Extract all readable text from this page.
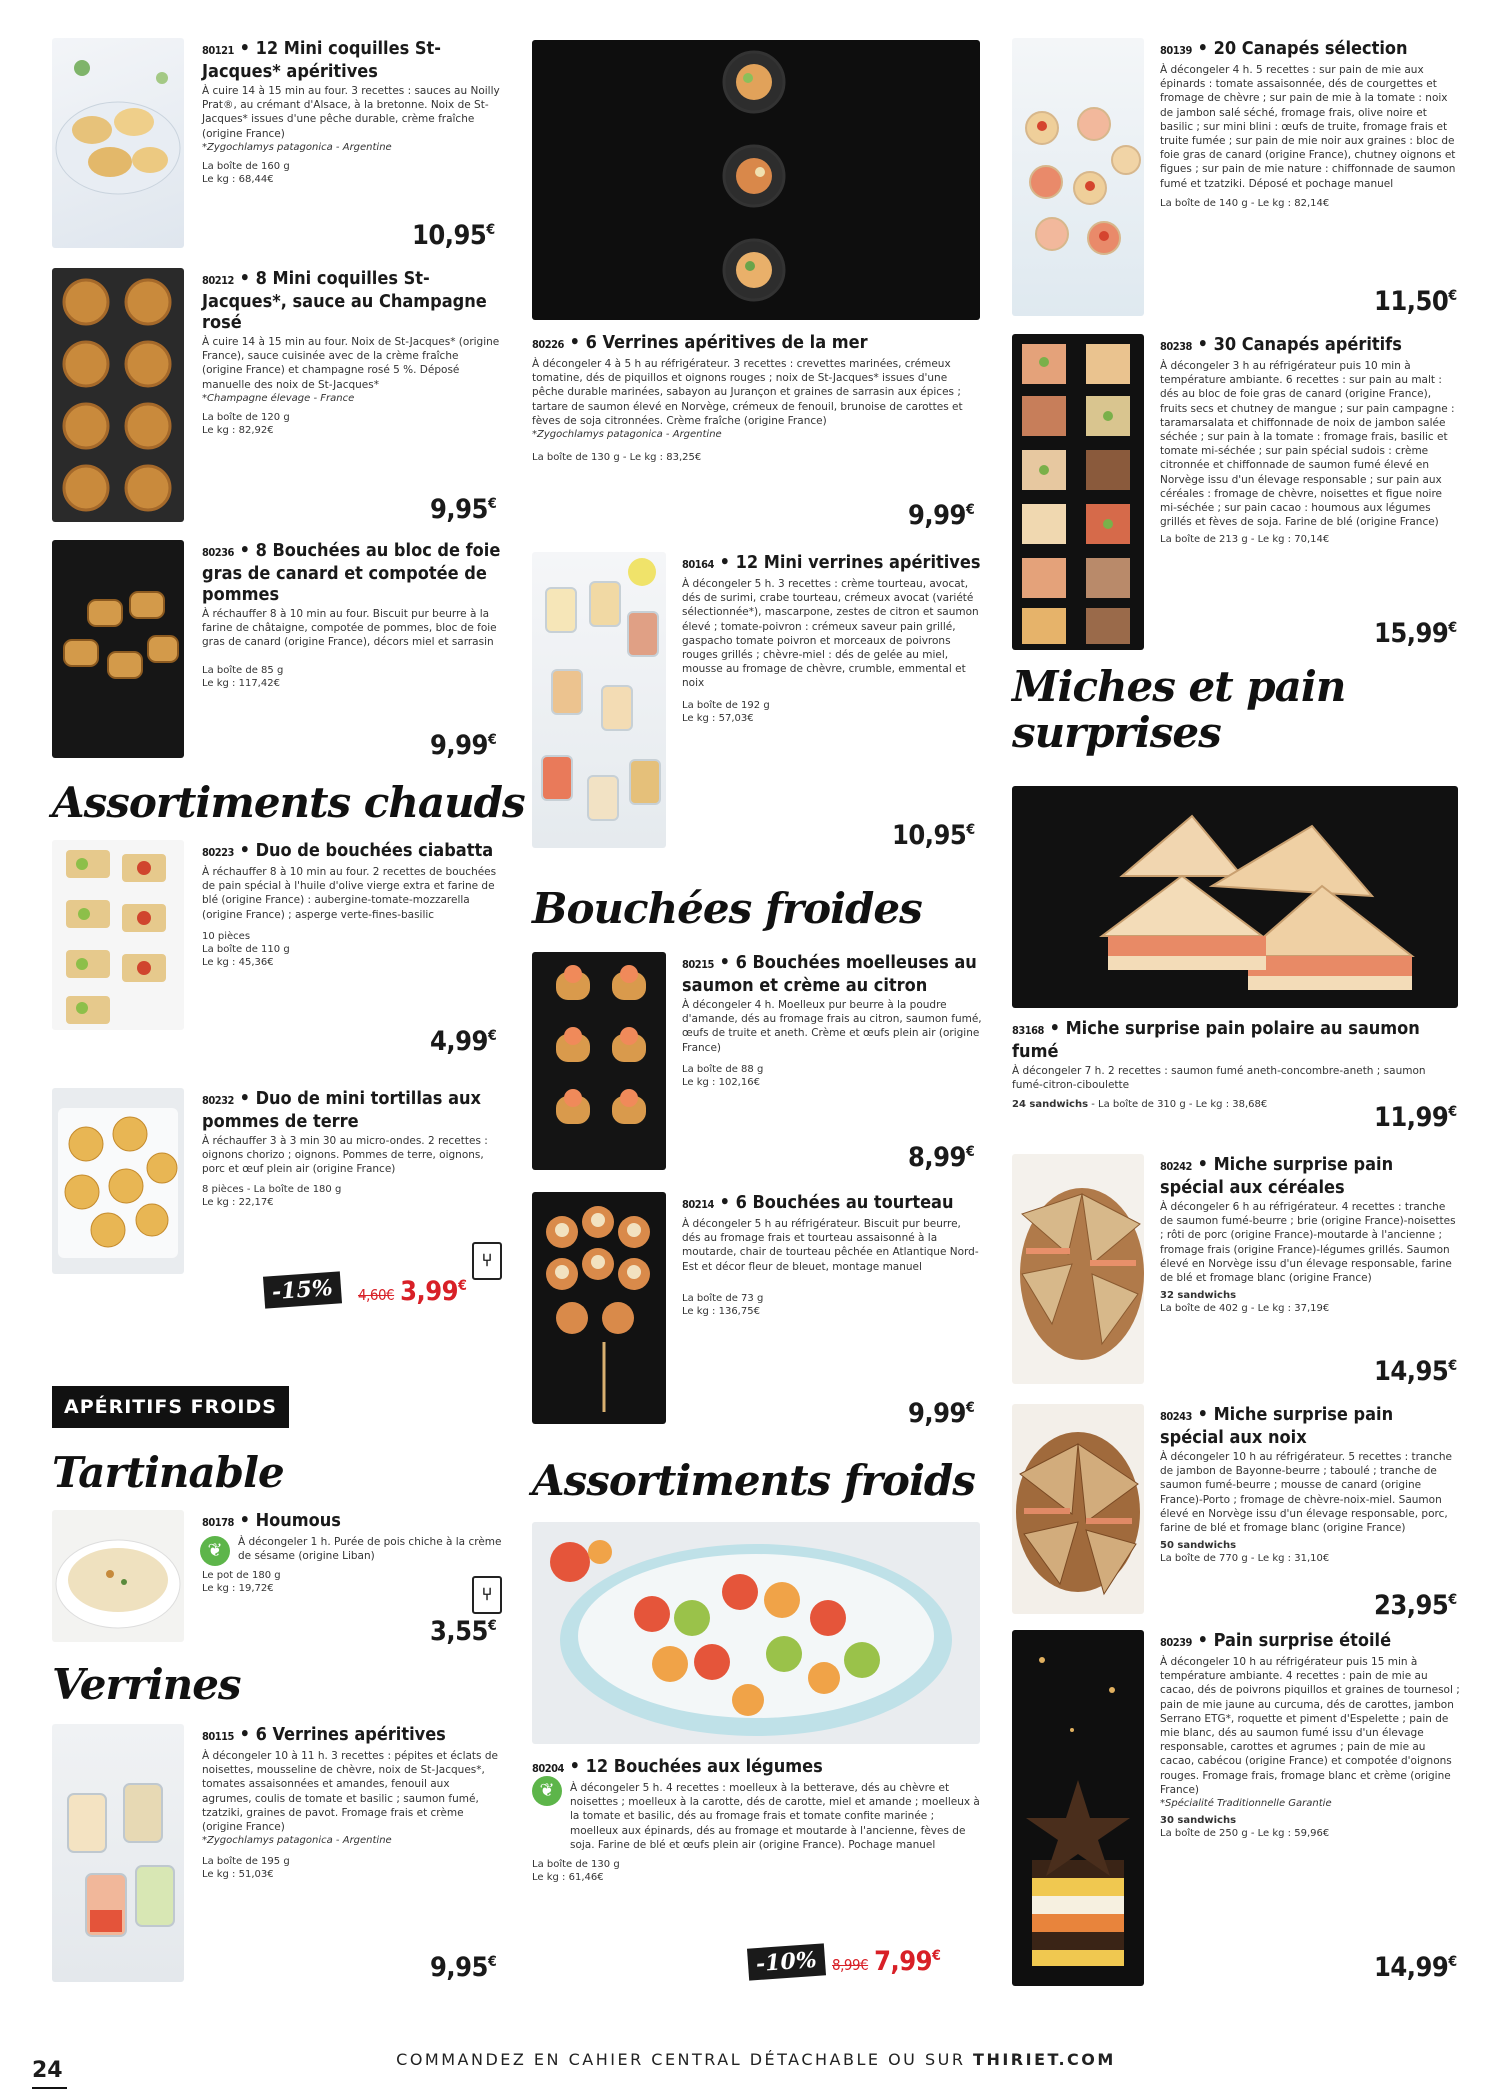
80121 • 12 Mini coquilles St-Jacques* apéritives
À cuire 14 à 15 min au four. 3 recettes : sauces au Noilly Prat®, au crémant d'Alsace, à la bretonne. Noix de St-Jacques* issues d'une pêche durable, crème fraîche (origine France)
*Zygochlamys patagonica - Argentine
La boîte de 160 g
Le kg : 68,44€
10,95€
80212 • 8 Mini coquilles St-Jacques*, sauce au Champagne rosé
À cuire 14 à 15 min au four. Noix de St-Jacques* (origine France), sauce cuisinée avec de la crème fraîche (origine France) et champagne rosé 5 %. Déposé manuelle des noix de St-Jacques*
*Champagne élevage - France
La boîte de 120 g
Le kg : 82,92€
9,95€
80236 • 8 Bouchées au bloc de foie gras de canard et compotée de pommes
À réchauffer 8 à 10 min au four. Biscuit pur beurre à la farine de châtaigne, compotée de pommes, bloc de foie gras de canard (origine France), décors miel et sarrasin
La boîte de 85 g
Le kg : 117,42€
9,99€
Assortiments chauds
80223 • Duo de bouchées ciabatta
À réchauffer 8 à 10 min au four. 2 recettes de bouchées de pain spécial à l'huile d'olive vierge extra et farine de blé (origine France) : aubergine-tomate-mozzarella (origine France) ; asperge verte-fines-basilic
10 pièces
La boîte de 110 g
Le kg : 45,36€
4,99€
80232 • Duo de mini tortillas aux pommes de terre
À réchauffer 3 à 3 min 30 au micro-ondes. 2 recettes : oignons chorizo ; oignons. Pommes de terre, oignons, porc et œuf plein air (origine France)
8 pièces - La boîte de 180 g
Le kg : 22,17€
⑂
-15%	4,60€ 3,99€
APÉRITIFS FROIDS
Tartinable
❦
80178 • Houmous
À décongeler 1 h. Purée de pois chiche à la crème de sésame (origine Liban)
Le pot de 180 g
Le kg : 19,72€	⑂
3,55€
Verrines
80115 • 6 Verrines apéritives
À décongeler 10 à 11 h. 3 recettes : pépites et éclats de noisettes, mousseline de chèvre, noix de St-Jacques*, tomates assaisonnées et amandes, fenouil aux agrumes, coulis de tomate et basilic ; saumon fumé, tzatziki, graines de pavot. Fromage frais et crème (origine France)
*Zygochlamys patagonica - Argentine
La boîte de 195 g
Le kg : 51,03€
9,95€
80226 • 6 Verrines apéritives de la mer
À décongeler 4 à 5 h au réfrigérateur. 3 recettes : crevettes marinées, crémeux tomatine, dés de piquillos et oignons rouges ; noix de St-Jacques* issues d'une pêche durable marinées, sabayon au Jurançon et graines de sarrasin aux épices ; tartare de saumon élevé en Norvège, crémeux de fenouil, brunoise de carottes et fèves de soja citronnées. Crème fraîche (origine France)
*Zygochlamys patagonica - Argentine
La boîte de 130 g - Le kg : 83,25€
9,99€
80164 • 12 Mini verrines apéritives
À décongeler 5 h. 3 recettes : crème tourteau, avocat, dés de surimi, crabe tourteau, crémeux avocat (variété sélectionnée*), mascarpone, zestes de citron et saumon élevé ; tomate-poivron : crémeux saveur pain grillé, gaspacho tomate poivron et morceaux de poivrons rouges grillés ; chèvre-miel : dés de gelée au miel, mousse au fromage de chèvre, crumble, emmental et noix
La boîte de 192 g
Le kg : 57,03€
10,95€
Bouchées froides
80215 • 6 Bouchées moelleuses au saumon et crème au citron
À décongeler 4 h. Moelleux pur beurre à la poudre d'amande, dés au fromage frais au citron, saumon fumé, œufs de truite et aneth. Crème et œufs plein air (origine France)
La boîte de 88 g
Le kg : 102,16€
8,99€
80214 • 6 Bouchées au tourteau
À décongeler 5 h au réfrigérateur. Biscuit pur beurre, dés au fromage frais et tourteau assaisonné à la moutarde, chair de tourteau pêchée en Atlantique Nord-Est et décor fleur de bleuet, montage manuel
La boîte de 73 g
Le kg : 136,75€
9,99€
Assortiments froids
❦
80204 • 12 Bouchées aux légumes
À décongeler 5 h. 4 recettes : moelleux à la betterave, dés au chèvre et noisettes ; moelleux à la carotte, dés de carotte, miel et amande ; moelleux à la tomate et basilic, dés au fromage frais et tomate confite marinée ; moelleux aux épinards, dés au fromage et moutarde à l'ancienne, fèves de soja. Farine de blé et œufs plein air (origine France). Pochage manuel
La boîte de 130 g
Le kg : 61,46€
-10% 8,99€ 7,99€
80139 • 20 Canapés sélection
À décongeler 4 h. 5 recettes : sur pain de mie aux épinards : tomate assaisonnée, dés de courgettes et fromage de chèvre ; sur pain de mie à la tomate : noix de jambon salé séché, fromage frais, olive noire et basilic ; sur mini blini : œufs de truite, fromage frais et truite fumée ; sur pain de mie noir aux graines : bloc de foie gras de canard (origine France), chutney oignons et figues ; sur pain de mie nature : chiffonnade de saumon fumé et tzatziki. Déposé et pochage manuel
La boîte de 140 g - Le kg : 82,14€
11,50€
80238 • 30 Canapés apéritifs
À décongeler 3 h au réfrigérateur puis 10 min à température ambiante. 6 recettes : sur pain au malt : dés au bloc de foie gras de canard (origine France), fruits secs et chutney de mangue ; sur pain campagne : taramarsalata et chiffonnade de noix de jambon salée séchée ; sur pain à la tomate : fromage frais, basilic et tomate mi-séchée ; sur pain spécial sudois : crème citronnée et chiffonnade de saumon fumé élevé en Norvège issu d'un élevage responsable ; sur pain aux céréales : fromage de chèvre, noisettes et figue noire mi-séchée ; sur pain cacao : houmous aux légumes grillés et fèves de soja. Farine de blé (origine France)
La boîte de 213 g - Le kg : 70,14€
15,99€
Miches et pain surprises
83168 • Miche surprise pain polaire au saumon fumé
À décongeler 7 h. 2 recettes : saumon fumé aneth-concombre-aneth ; saumon fumé-citron-ciboulette
24 sandwichs - La boîte de 310 g - Le kg : 38,68€	11,99€
80242 • Miche surprise pain spécial aux céréales
À décongeler 6 h au réfrigérateur. 4 recettes : tranche de saumon fumé-beurre ; brie (origine France)-noisettes ; rôti de porc (origine France)-moutarde à l'ancienne ; fromage frais (origine France)-légumes grillés. Saumon élevé en Norvège issu d'un élevage responsable, farine de blé et fromage blanc (origine France)
32 sandwichs
La boîte de 402 g - Le kg : 37,19€
14,95€
80243 • Miche surprise pain spécial aux noix
À décongeler 10 h au réfrigérateur. 5 recettes : tranche de jambon de Bayonne-beurre ; taboulé ; tranche de saumon fumé-beurre ; mousse de canard (origine France)-Porto ; fromage de chèvre-noix-miel. Saumon élevé en Norvège issu d'un élevage responsable, porc, farine de blé et fromage blanc (origine France)
50 sandwichs
La boîte de 770 g - Le kg : 31,10€
23,95€
80239 • Pain surprise étoilé
À décongeler 10 h au réfrigérateur puis 15 min à température ambiante. 4 recettes : pain de mie au cacao, dés de poivrons piquillos et graines de tournesol ; pain de mie jaune au curcuma, dés de carottes, jambon Serrano ETG*, roquette et piment d'Espelette ; pain de mie blanc, dés au saumon fumé issu d'un élevage responsable, carottes et agrumes ; pain de mie au cacao, cabécou (origine France) et compotée d'oignons rouges. Fromage frais, fromage blanc et crème (origine France)
*Spécialité Traditionnelle Garantie
30 sandwichs
La boîte de 250 g - Le kg : 59,96€
14,99€
24	COMMANDEZ EN CAHIER CENTRAL DÉTACHABLE OU SUR THIRIET.COM
